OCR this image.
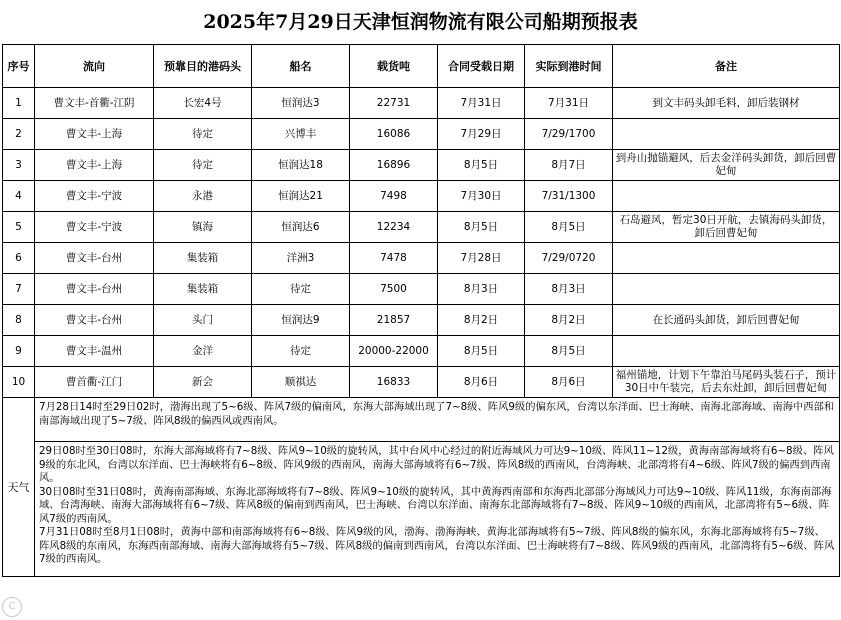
2025年7月29日天津恒润物流有限公司船期预报表
序号	流向	预靠目的港码头	船名	载货吨	合同受载日期	实际到港时间	备注
1	曹文丰-首衢-江阴	长宏4号	恒润达3	22731	7月31日	7月31日	到文丰码头卸毛料，卸后装钢材
2	曹文丰-上海	待定	兴博丰	16086	7月29日	7/29/1700	
3	曹文丰-上海	待定	恒润达18	16896	8月5日	8月7日	到舟山抛锚避风，后去金洋码头卸货，卸后回曹妃甸
4	曹文丰-宁波	永港	恒润达21	7498	7月30日	7/31/1300	
5	曹文丰-宁波	镇海	恒润达6	12234	8月5日	8月5日	石岛避风，暂定30日开航，去镇海码头卸货，卸后回曹妃甸
6	曹文丰-台州	集装箱	洋洲3	7478	7月28日	7/29/0720	
7	曹文丰-台州	集装箱	待定	7500	8月3日	8月3日	
8	曹文丰-台州	头门	恒润达9	21857	8月2日	8月2日	在长通码头卸货，卸后回曹妃甸
9	曹文丰-温州	金洋	待定	20000-22000	8月5日	8月5日	
10	曹首衢-江门	新会	顺祺达	16833	8月6日	8月6日	福州锚地，计划下午靠泊马尾码头装石子，预计30日中午装完，后去东灶卸，卸后回曹妃甸
天气	7月28日14时至29日02时，渤海出现了5~6级、阵风7级的偏南风，东海大部海域出现了7~8级、阵风9级的偏东风，台湾以东洋面、巴士海峡、南海北部海域、南海中西部和南部海域出现了5~7级、阵风8级的偏西风或西南风。						

	29日08时至30日08时，东海大部海域将有7~8级、阵风9~10级的旋转风，其中台风中心经过的附近海域风力可达9~10级、阵风11~12级，黄海南部海域将有6~8级、阵风9级的东北风，台湾以东洋面、巴士海峡将有6~8级、阵风9级的西南风，南海大部海域将有6~7级、阵风8级的西南风，台湾海峡、北部湾将有4~6级、阵风7级的偏西到西南风。
30日08时至31日08时，黄海南部海域、东海北部海域将有7~8级、阵风9~10级的旋转风，其中黄海西南部和东海西北部部分海域风力可达9~10级、阵风11级，东海南部海域、台湾海峡、南海大部海域将有6~7级、阵风8级的偏南到西南风，巴士海峡、台湾以东洋面、南海东北部海域将有7~8级、阵风9~10级的西南风，北部湾将有5~6级、阵风7级的西南风。
7月31日08时至8月1日08时，黄海中部和南部海域将有6~8级、阵风9级的风，渤海、渤海海峡、黄海北部海域将有5~7级、阵风8级的偏东风，东海北部海域将有5~7级、阵风8级的东南风，东海西南部海域、南海大部海域将有5~7级、阵风8级的偏南到西南风，台湾以东洋面、巴士海峡将有7~8级、阵风9级的西南风，北部湾将有5~6级、阵风7级的西南风。						
C
